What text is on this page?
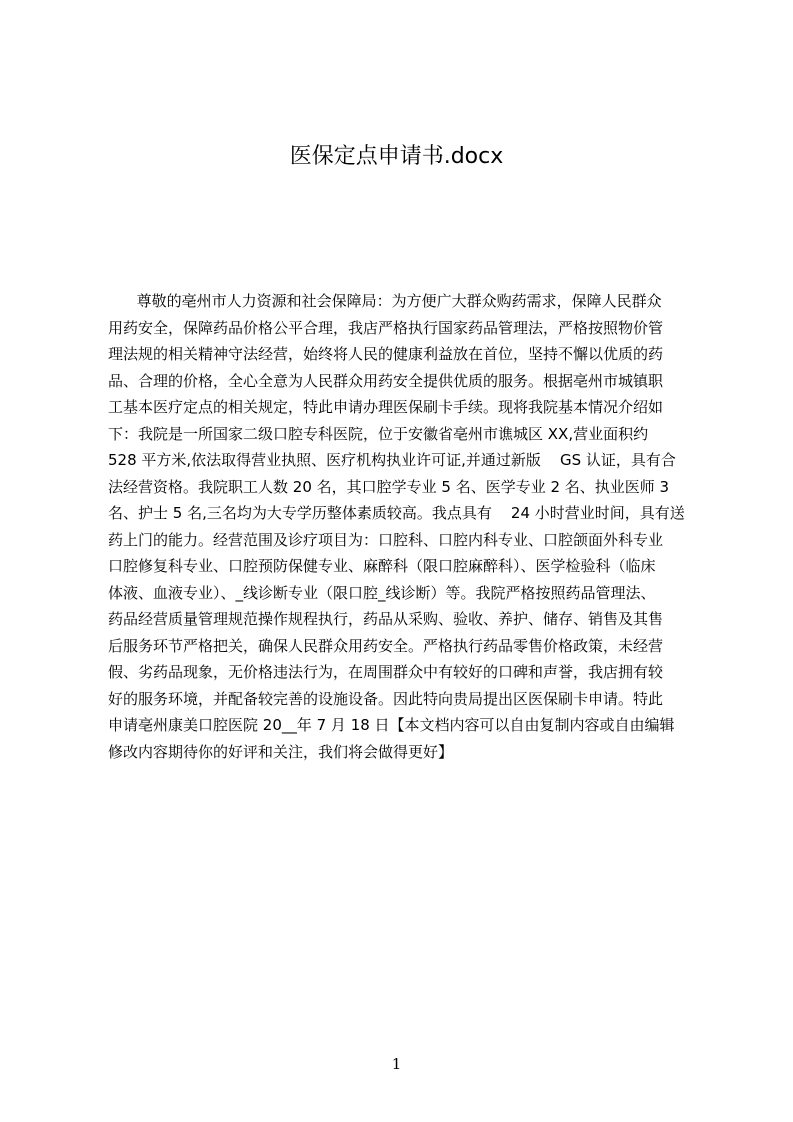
医保定点申请书.docx
尊敬的亳州市人力资源和社会保障局：为方便广大群众购药需求，保障人民群众
用药安全，保障药品价格公平合理，我店严格执行国家药品管理法，严格按照物价管
理法规的相关精神守法经营，始终将人民的健康利益放在首位，坚持不懈以优质的药
品、合理的价格，全心全意为人民群众用药安全提供优质的服务。根据亳州市城镇职
工基本医疗定点的相关规定，特此申请办理医保刷卡手续。现将我院基本情况介绍如
下：我院是一所国家二级口腔专科医院，位于安徽省亳州市谯城区 XX,营业面积约
528 平方米,依法取得营业执照、医疗机构执业许可证,并通过新版    GS 认证，具有合
法经营资格。我院职工人数 20 名，其口腔学专业 5 名、医学专业 2 名、执业医师 3
名、护士 5 名,三名均为大专学历整体素质较高。我点具有    24 小时营业时间，具有送
药上门的能力。经营范围及诊疗项目为：口腔科、口腔内科专业、口腔颌面外科专业
口腔修复科专业、口腔预防保健专业、麻醉科（限口腔麻醉科）、医学检验科（临床
体液、血液专业）、_线诊断专业（限口腔_线诊断）等。我院严格按照药品管理法、
药品经营质量管理规范操作规程执行，药品从采购、验收、养护、储存、销售及其售
后服务环节严格把关，确保人民群众用药安全。严格执行药品零售价格政策，未经营
假、劣药品现象，无价格违法行为，在周围群众中有较好的口碑和声誉，我店拥有较
好的服务环境，并配备较完善的设施设备。因此特向贵局提出区医保刷卡申请。特此
申请亳州康美口腔医院 20__年 7 月 18 日【本文档内容可以自由复制内容或自由编辑
修改内容期待你的好评和关注，我们将会做得更好】
1
